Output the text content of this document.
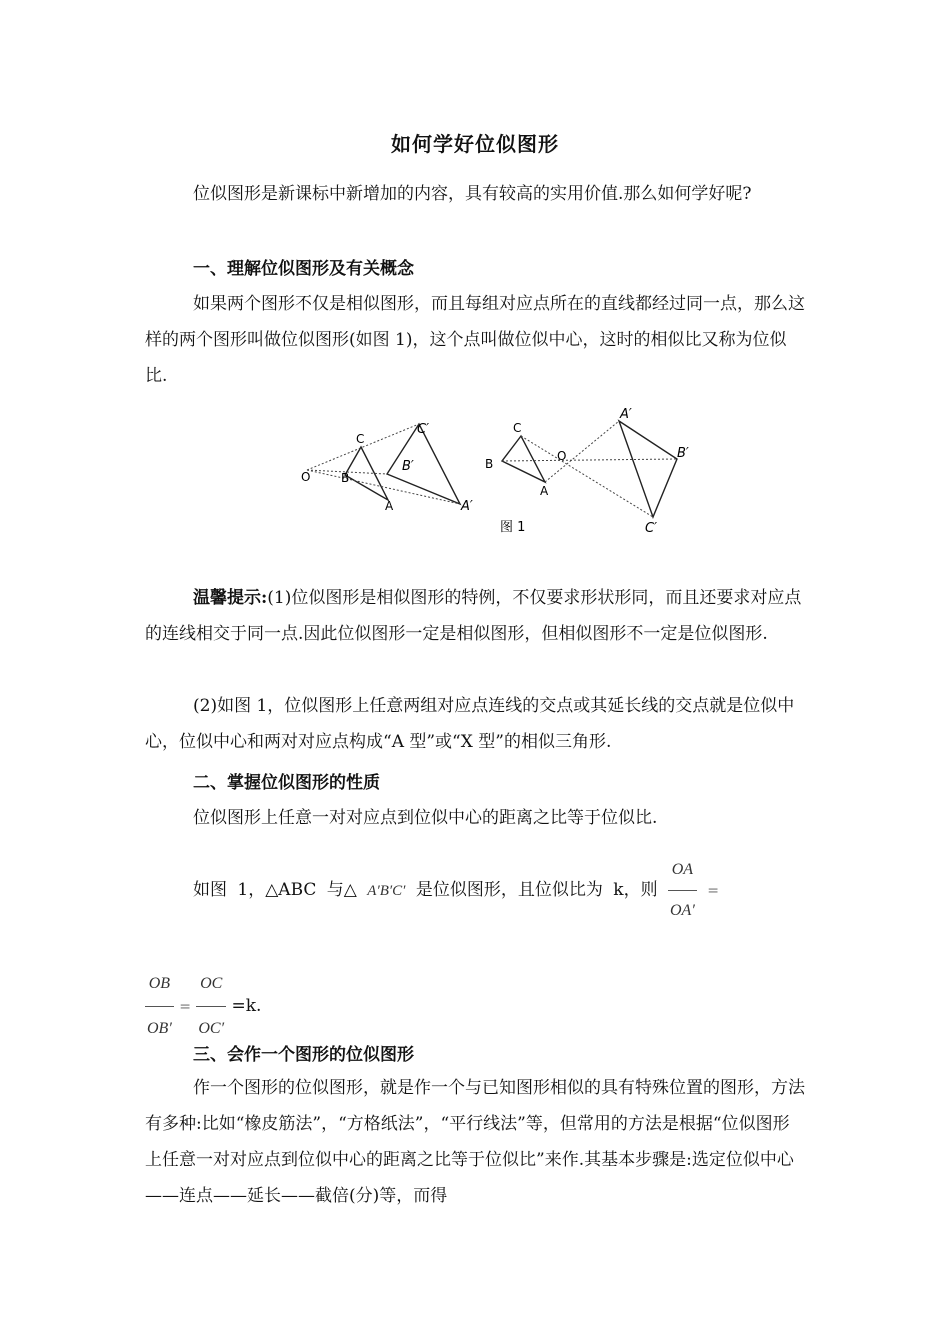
如何学好位似图形
位似图形是新课标中新增加的内容，具有较高的实用价值.那么如何学好呢?
一、理解位似图形及有关概念
如果两个图形不仅是相似图形，而且每组对应点所在的直线都经过同一点，那么这样的两个图形叫做位似图形(如图 1)，这个点叫做位似中心，这时的相似比又称为位似比.
O	B
C
A	A′
B′
C′	C
B
O
A
A′
B′
C′
图 1
温馨提示:(1)位似图形是相似图形的特例，不仅要求形状形同，而且还要求对应点的连线相交于同一点.因此位似图形一定是相似图形，但相似图形不一定是位似图形.
(2)如图 1，位似图形上任意两组对应点连线的交点或其延长线的交点就是位似中心，位似中心和两对对应点构成“A 型”或“X 型”的相似三角形.
二、掌握位似图形的性质
位似图形上任意一对对应点到位似中心的距离之比等于位似比.
如图 1，△ABC 与△ A′B′C′ 是位似图形，且位似比为 k，则 $\frac{OA}{OA'}$ =
$\frac{OB}{OB'} = \frac{OC}{OC'} =k$.
三、会作一个图形的位似图形
作一个图形的位似图形，就是作一个与已知图形相似的具有特殊位置的图形，方法有多种:比如“橡皮筋法”，“方格纸法”，“平行线法”等，但常用的方法是根据“位似图形上任意一对对应点到位似中心的距离之比等于位似比”来作.其基本步骤是:选定位似中心——连点——延长——截倍(分)等，而得
